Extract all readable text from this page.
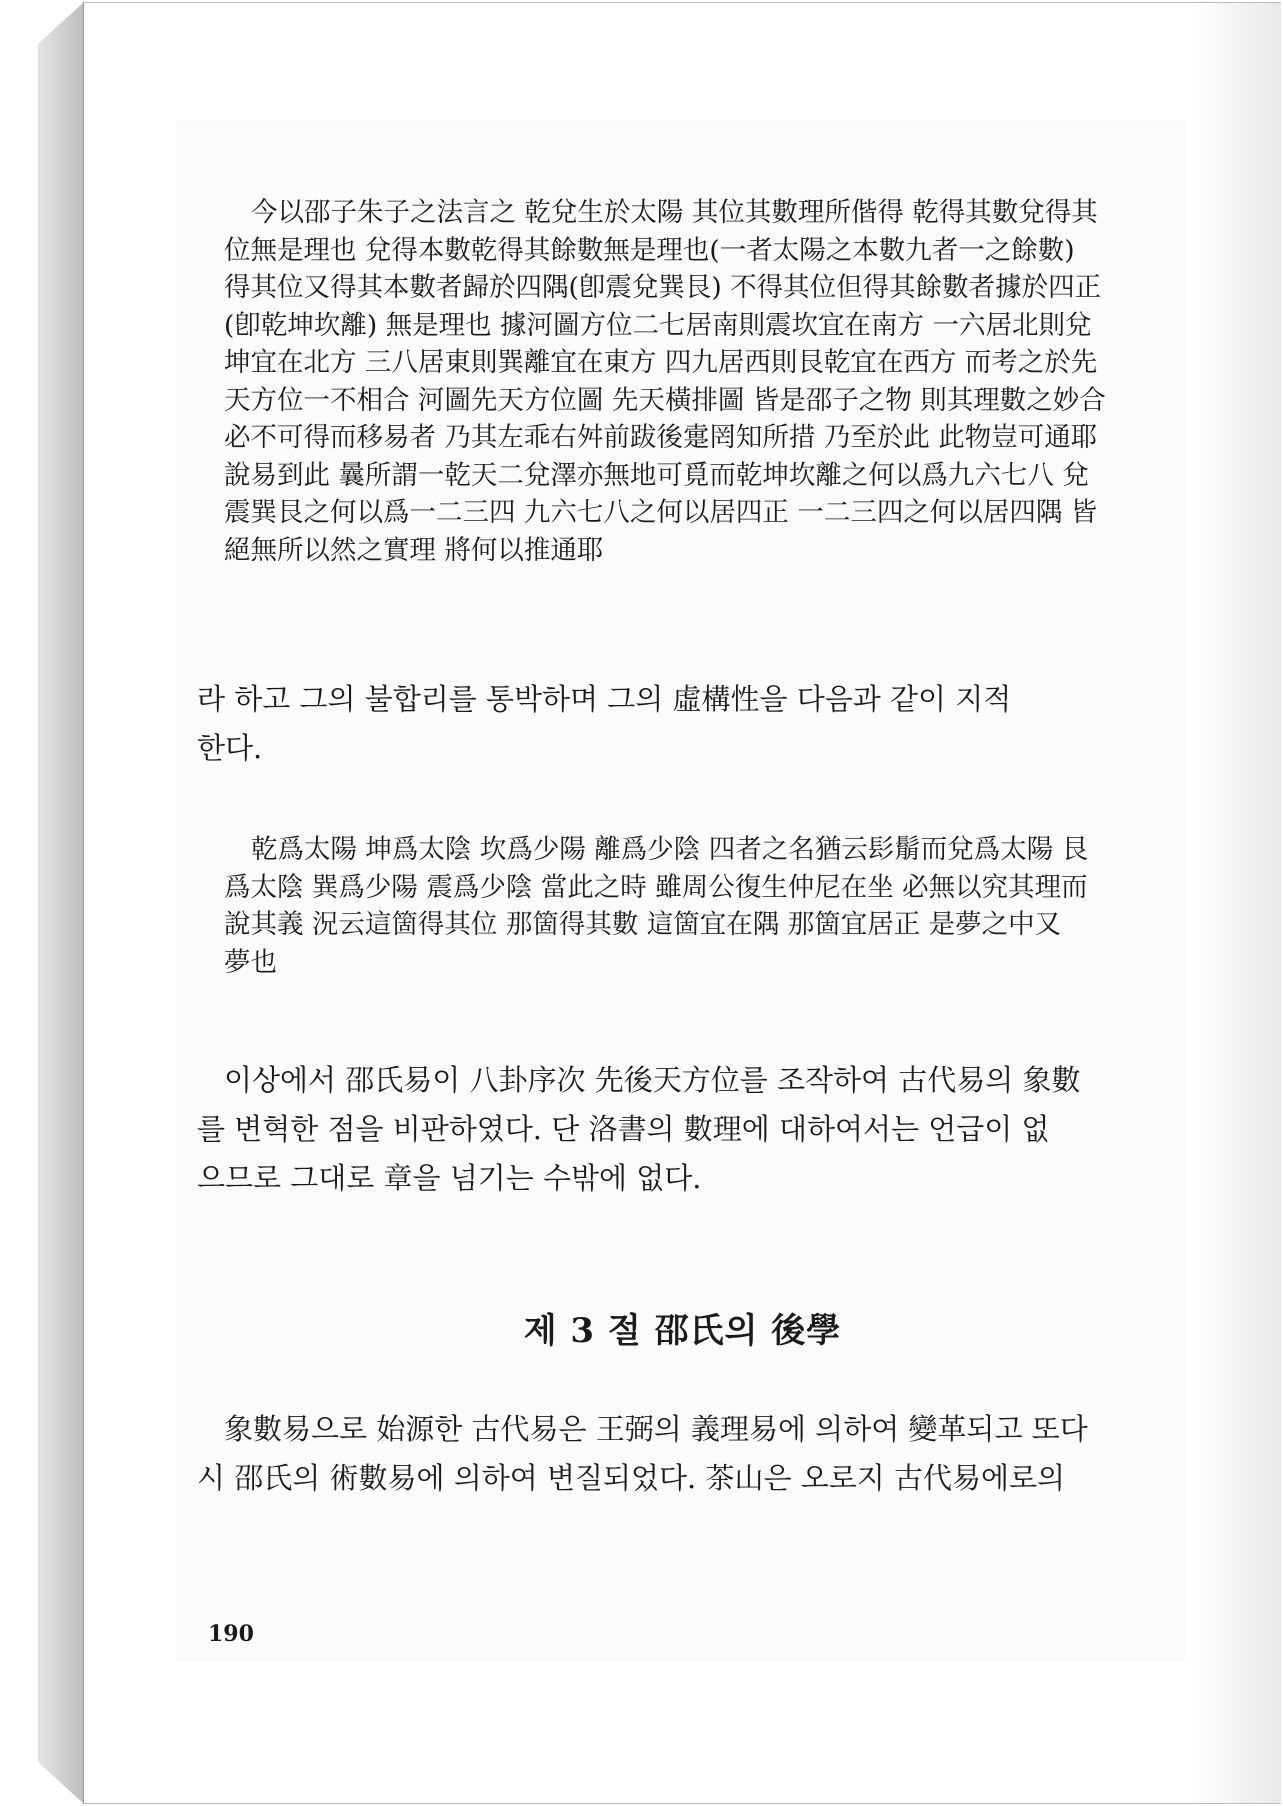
今以邵子朱子之法言之 乾兌生於太陽 其位其數理所偕得 乾得其數兌得其
位無是理也 兌得本數乾得其餘數無是理也(一者太陽之本數九者一之餘數)
得其位又得其本數者歸於四隅(卽震兌巽艮) 不得其位但得其餘數者據於四正
(卽乾坤坎離) 無是理也 據河圖方位二七居南則震坎宜在南方 一六居北則兌
坤宜在北方 三八居東則巽離宜在東方 四九居西則艮乾宜在西方 而考之於先
天方位一不相合 河圖先天方位圖 先天橫排圖 皆是邵子之物 則其理數之妙合
必不可得而移易者 乃其左乖右舛前跋後疐罔知所措 乃至於此 此物豈可通耶
說易到此 曩所謂一乾天二兌澤亦無地可覓而乾坤坎離之何以爲九六七八 兌
震巽艮之何以爲一二三四 九六七八之何以居四正 一二三四之何以居四隅 皆
絕無所以然之實理 將何以推通耶
라 하고 그의 불합리를 통박하며 그의 虛構性을 다음과 같이 지적
한다.
乾爲太陽 坤爲太陰 坎爲少陽 離爲少陰 四者之名猶云髟鬅而兌爲太陽 艮
爲太陰 巽爲少陽 震爲少陰 當此之時 雖周公復生仲尼在坐 必無以究其理而
說其義 況云這箇得其位 那箇得其數 這箇宜在隅 那箇宜居正 是夢之中又
夢也
이상에서 邵氏易이 八卦序次 先後天方位를 조작하여 古代易의 象數
를 변혁한 점을 비판하였다. 단 洛書의 數理에 대하여서는 언급이 없
으므로 그대로 章을 넘기는 수밖에 없다.
제 3 절 邵氏의 後學
象數易으로 始源한 古代易은 王弼의 義理易에 의하여 變革되고 또다
시 邵氏의 術數易에 의하여 변질되었다. 茶山은 오로지 古代易에로의

190
